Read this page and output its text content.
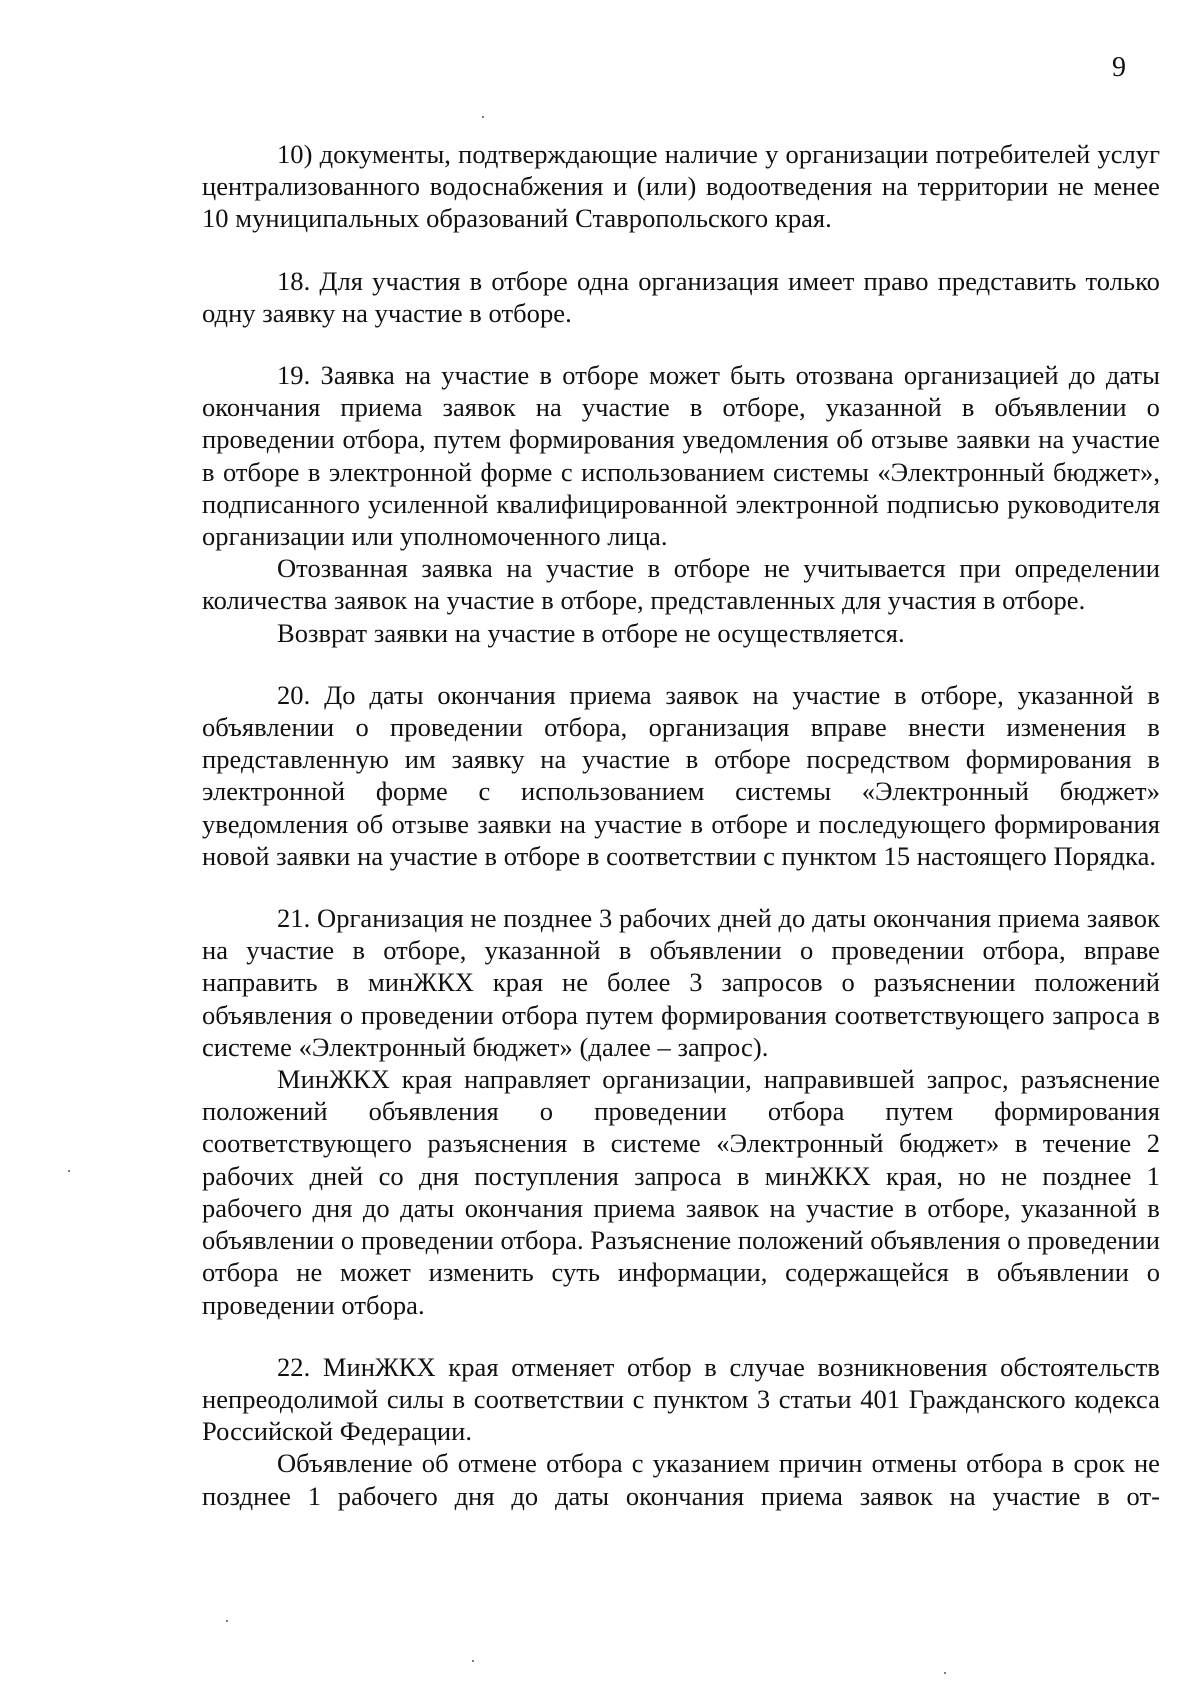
9

10) документы, подтверждающие наличие у организации потребителей услуг централизованного водоснабжения и (или) водоотведения на территории не менее 10 муниципальных образований Ставропольского края.

18. Для участия в отборе одна организация имеет право представить только одну заявку на участие в отборе.

19. Заявка на участие в отборе может быть отозвана организацией до даты окончания приема заявок на участие в отборе, указанной в объявлении о проведении отбора, путем формирования уведомления об отзыве заявки на участие в отборе в электронной форме с использованием системы «Электронный бюджет», подписанного усиленной квалифицированной электронной подписью руководителя организации или уполномоченного лица.

Отозванная заявка на участие в отборе не учитывается при определении количества заявок на участие в отборе, представленных для участия в отборе.

Возврат заявки на участие в отборе не осуществляется.

20. До даты окончания приема заявок на участие в отборе, указанной в объявлении о проведении отбора, организация вправе внести изменения в представленную им заявку на участие в отборе посредством формирования в электронной форме с использованием системы «Электронный бюджет» уведомления об отзыве заявки на участие в отборе и последующего формирования новой заявки на участие в отборе в соответствии с пунктом 15 настоящего Порядка.

21. Организация не позднее 3 рабочих дней до даты окончания приема заявок на участие в отборе, указанной в объявлении о проведении отбора, вправе направить в минЖКХ края не более 3 запросов о разъяснении положений объявления о проведении отбора путем формирования соответствующего запроса в системе «Электронный бюджет» (далее – запрос).

МинЖКХ края направляет организации, направившей запрос, разъяснение положений объявления о проведении отбора путем формирования соответствующего разъяснения в системе «Электронный бюджет» в течение 2 рабочих дней со дня поступления запроса в минЖКХ края, но не позднее 1 рабочего дня до даты окончания приема заявок на участие в отборе, указанной в объявлении о проведении отбора. Разъяснение положений объявления о проведении отбора не может изменить суть информации, содержащейся в объявлении о проведении отбора.

22. МинЖКХ края отменяет отбор в случае возникновения обстоятельств непреодолимой силы в соответствии с пунктом 3 статьи 401 Гражданского кодекса Российской Федерации.

Объявление об отмене отбора с указанием причин отмены отбора в срок не позднее 1 рабочего дня до даты окончания приема заявок на участие в от-
